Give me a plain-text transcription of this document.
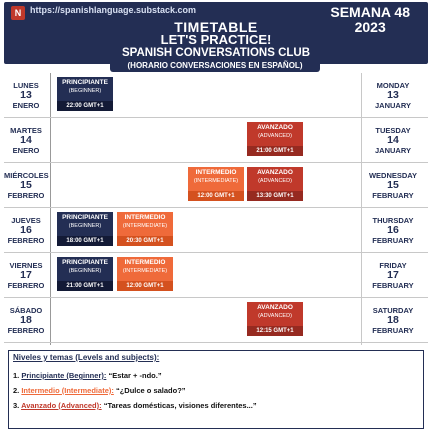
N https://spanishlanguage.substack.com	SEMANA 48
2023
TIMETABLE
LET'S PRACTICE!
SPANISH CONVERSATIONS CLUB
(HORARIO CONVERSACIONES EN ESPAÑOL)
LUNES
13
ENERO
MONDAY
13
JANUARY
PRINCIPIANTE
(BEGINNER)
22:00 GMT+1
MARTES
14
ENERO
TUESDAY
14
JANUARY
AVANZADO
(ADVANCED)
21:00 GMT+1
MIÉRCOLES
15
FEBRERO
WEDNESDAY
15
FEBRUARY
INTERMEDIO
(INTERMEDIATE)
12:00 GMT+1
AVANZADO
(ADVANCED)
13:30 GMT+1
JUEVES
16
FEBRERO
THURSDAY
16
FEBRUARY
PRINCIPIANTE
(BEGINNER)
18:00 GMT+1
INTERMEDIO
(INTERMEDIATE)
20:30 GMT+1
VIERNES
17
FEBRERO
FRIDAY
17
FEBRUARY
PRINCIPIANTE
(BEGINNER)
21:00 GMT+1
INTERMEDIO
(INTERMEDIATE)
12:00 GMT+1
SÁBADO
18
FEBRERO
SATURDAY
18
FEBRUARY
AVANZADO
(ADVANCED)
12:15 GMT+1
Niveles y temas (Levels and subjects):
1. Principiante (Beginner): “Estar + -ndo.”
2. Intermedio (Intermediate): “¿Dulce o salado?”
3. Avanzado (Advanced): “Tareas domésticas, visiones diferentes...”
